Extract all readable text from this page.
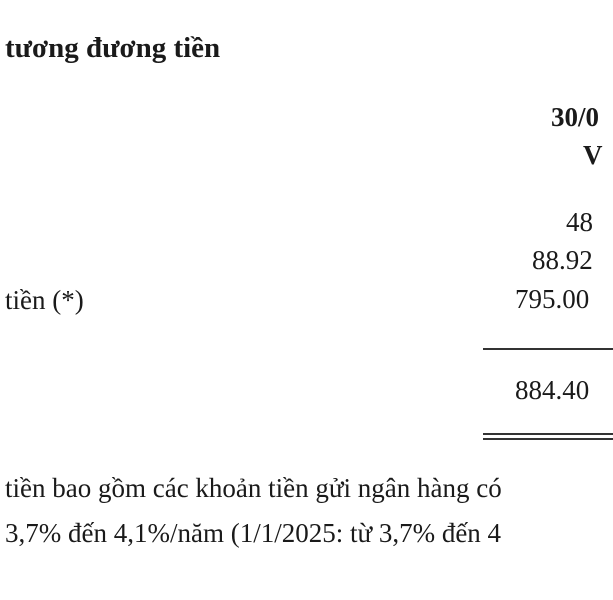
tương đương tiền
30/0
V
48
88.92
tiền (*)	795.00
884.40
tiền bao gồm các khoản tiền gửi ngân hàng có
3,7% đến 4,1%/năm (1/1/2025: từ 3,7% đến 4
